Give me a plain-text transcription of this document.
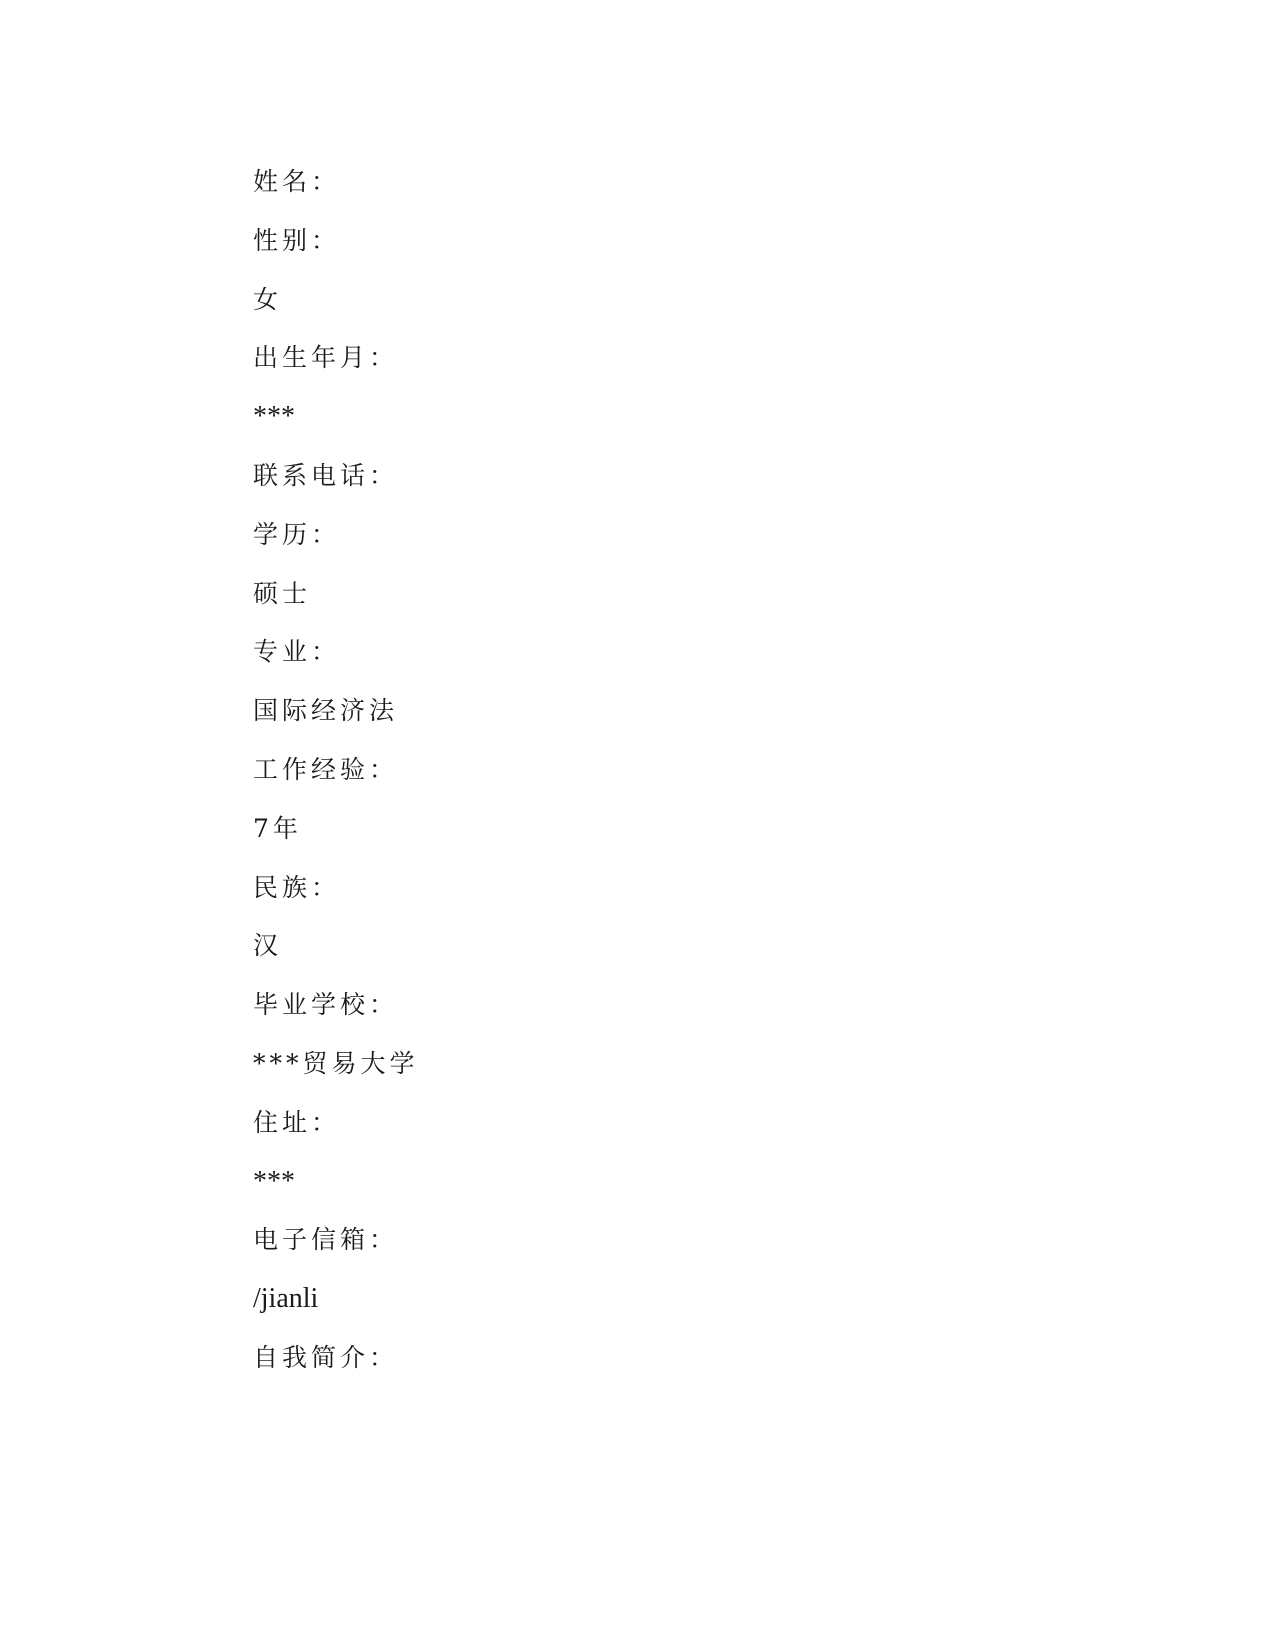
姓名：

性别：

女

出生年月：

***

联系电话：

学历：

硕士

专业：

国际经济法

工作经验：

7年

民族：

汉

毕业学校：

***贸易大学

住址：

***

电子信箱：

/jianli

自我简介：
